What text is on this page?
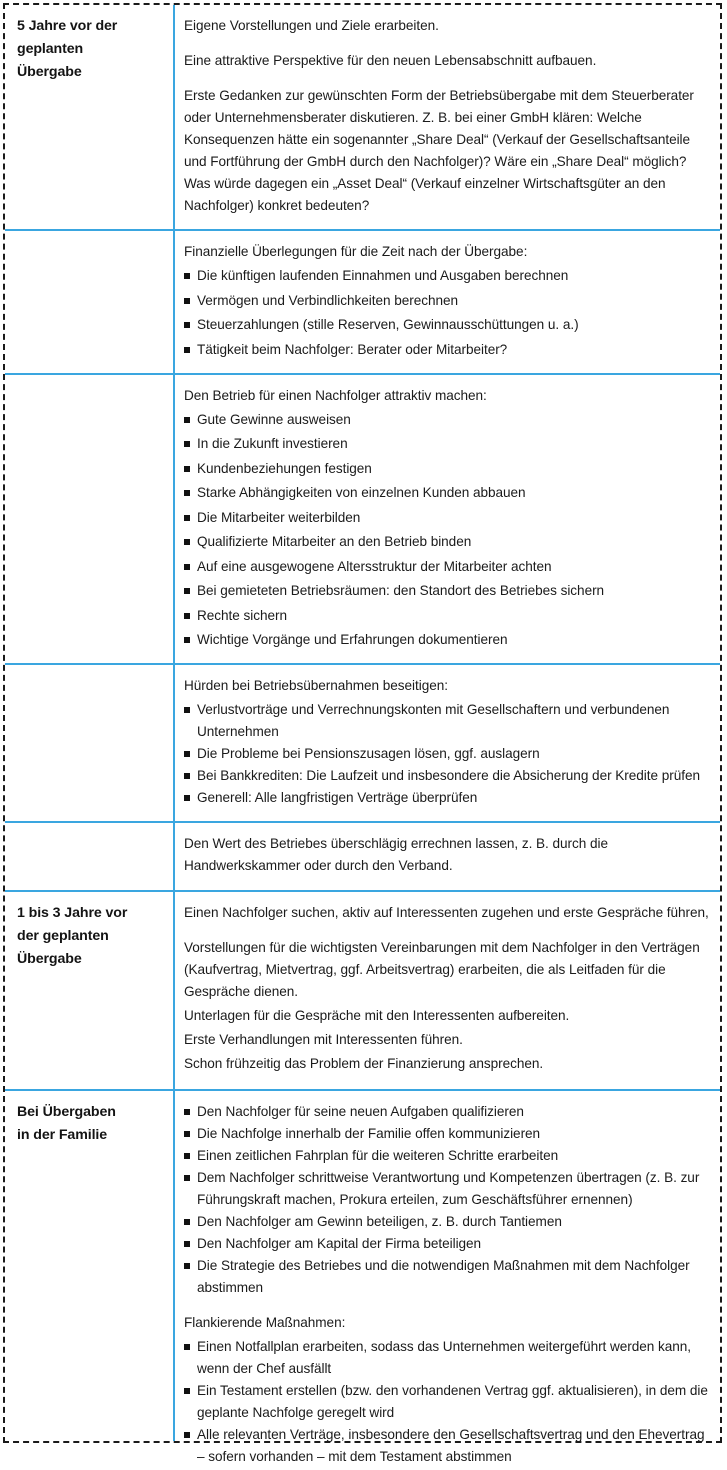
5 Jahre vor der
geplanten
Übergabe

Eigene Vorstellungen und Ziele erarbeiten.

Eine attraktive Perspektive für den neuen Lebensabschnitt aufbauen.

Erste Gedanken zur gewünschten Form der Betriebsübergabe mit dem Steuerberater oder Unternehmensberater diskutieren. Z. B. bei einer GmbH klären: Welche Konsequenzen hätte ein sogenannter „Share Deal“ (Verkauf der Gesellschaftsanteile und Fortführung der GmbH durch den Nachfolger)? Wäre ein „Share Deal“ möglich? Was würde dagegen ein „Asset Deal“ (Verkauf einzelner Wirtschaftsgüter an den Nachfolger) konkret bedeuten?

Finanzielle Überlegungen für die Zeit nach der Übergabe:

Die künftigen laufenden Einnahmen und Ausgaben berechnen
Vermögen und Verbindlichkeiten berechnen
Steuerzahlungen (stille Reserven, Gewinnausschüttungen u. a.)
Tätigkeit beim Nachfolger: Berater oder Mitarbeiter?

Den Betrieb für einen Nachfolger attraktiv machen:

Gute Gewinne ausweisen
In die Zukunft investieren
Kundenbeziehungen festigen
Starke Abhängigkeiten von einzelnen Kunden abbauen
Die Mitarbeiter weiterbilden
Qualifizierte Mitarbeiter an den Betrieb binden
Auf eine ausgewogene Altersstruktur der Mitarbeiter achten
Bei gemieteten Betriebsräumen: den Standort des Betriebes sichern
Rechte sichern
Wichtige Vorgänge und Erfahrungen dokumentieren

Hürden bei Betriebsübernahmen beseitigen:

Verlustvorträge und Verrechnungskonten mit Gesellschaftern und verbundenen Unternehmen
Die Probleme bei Pensionszusagen lösen, ggf. auslagern
Bei Bankkrediten: Die Laufzeit und insbesondere die Absicherung der Kredite prüfen
Generell: Alle langfristigen Verträge überprüfen

Den Wert des Betriebes überschlägig errechnen lassen, z. B. durch die Handwerkskammer oder durch den Verband.

1 bis 3 Jahre vor
der geplanten
Übergabe

Einen Nachfolger suchen, aktiv auf Interessenten zugehen und erste Gespräche führen,

Vorstellungen für die wichtigsten Vereinbarungen mit dem Nachfolger in den Verträgen (Kaufvertrag, Mietvertrag, ggf. Arbeitsvertrag) erarbeiten, die als Leitfaden für die Gespräche dienen.

Unterlagen für die Gespräche mit den Interessenten aufbereiten.

Erste Verhandlungen mit Interessenten führen.

Schon frühzeitig das Problem der Finanzierung ansprechen.

Bei Übergaben
in der Familie
Den Nachfolger für seine neuen Aufgaben qualifizieren
Die Nachfolge innerhalb der Familie offen kommunizieren
Einen zeitlichen Fahrplan für die weiteren Schritte erarbeiten
Dem Nachfolger schrittweise Verantwortung und Kompetenzen übertragen (z. B. zur Führungskraft machen, Prokura erteilen, zum Geschäftsführer ernennen)
Den Nachfolger am Gewinn beteiligen, z. B. durch Tantiemen
Den Nachfolger am Kapital der Firma beteiligen
Die Strategie des Betriebes und die notwendigen Maßnahmen mit dem Nachfolger abstimmen

Flankierende Maßnahmen:

Einen Notfallplan erarbeiten, sodass das Unternehmen weitergeführt werden kann, wenn der Chef ausfällt
Ein Testament erstellen (bzw. den vorhandenen Vertrag ggf. aktualisieren), in dem die geplante Nachfolge geregelt wird
Alle relevanten Verträge, insbesondere den Gesellschaftsvertrag und den Ehevertrag – sofern vorhanden – mit dem Testament abstimmen
